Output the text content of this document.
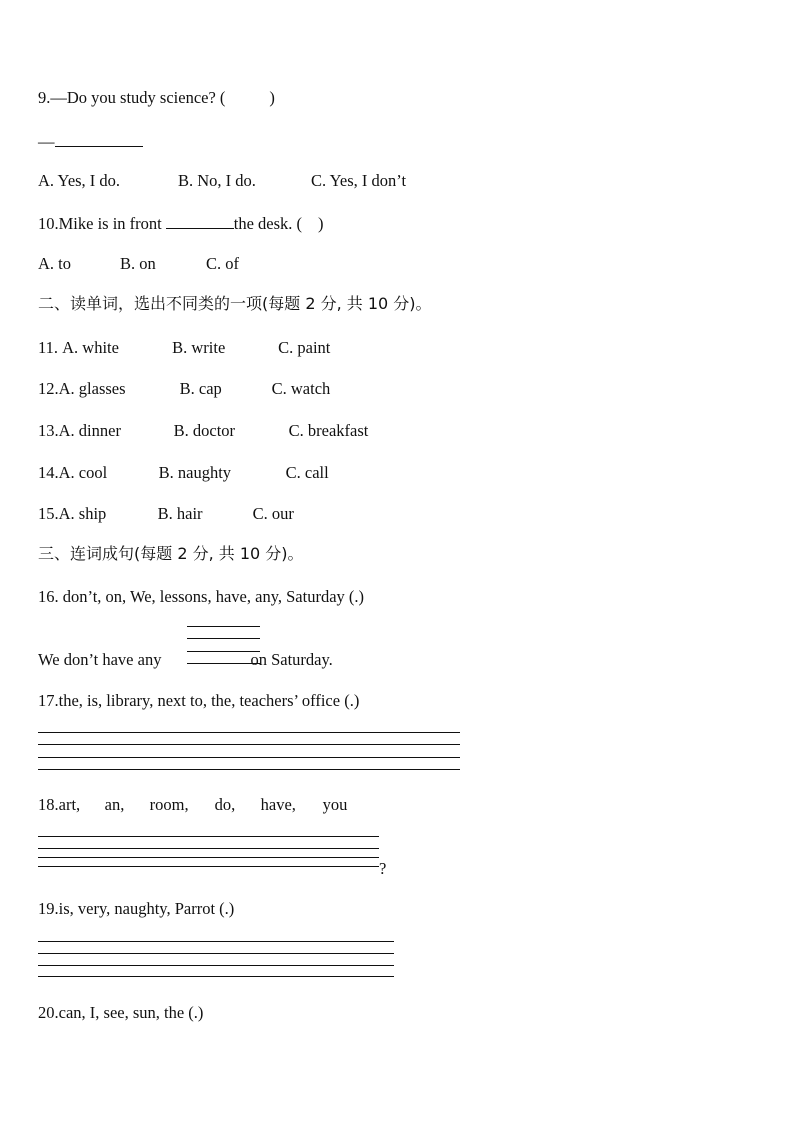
9.—Do you study science? (	)
—
A. Yes, I do.	B. No, I do.	C. Yes, I don’t
10.Mike is in front	the desk. ( )
A. to	B. on	C. of
二、读单词，选出不同类的一项(每题 2 分, 共 10 分)。
11. A. white	B. write	C. paint
12.A. glasses	B. cap	C. watch
13.A. dinner	B. doctor	C. breakfast
14.A. cool	B. naughty	C. call
15.A. ship	B. hair	C. our
三、连词成句(每题 2 分, 共 10 分)。
16. don’t, on, We, lessons, have, any, Saturday (.)
We don’t have any	on Saturday.
17.the, is, library, next to, the, teachers’ office (.)
18.art, an, room, do, have, you
?
19.is, very, naughty, Parrot (.)
20.can, I, see, sun, the (.)
